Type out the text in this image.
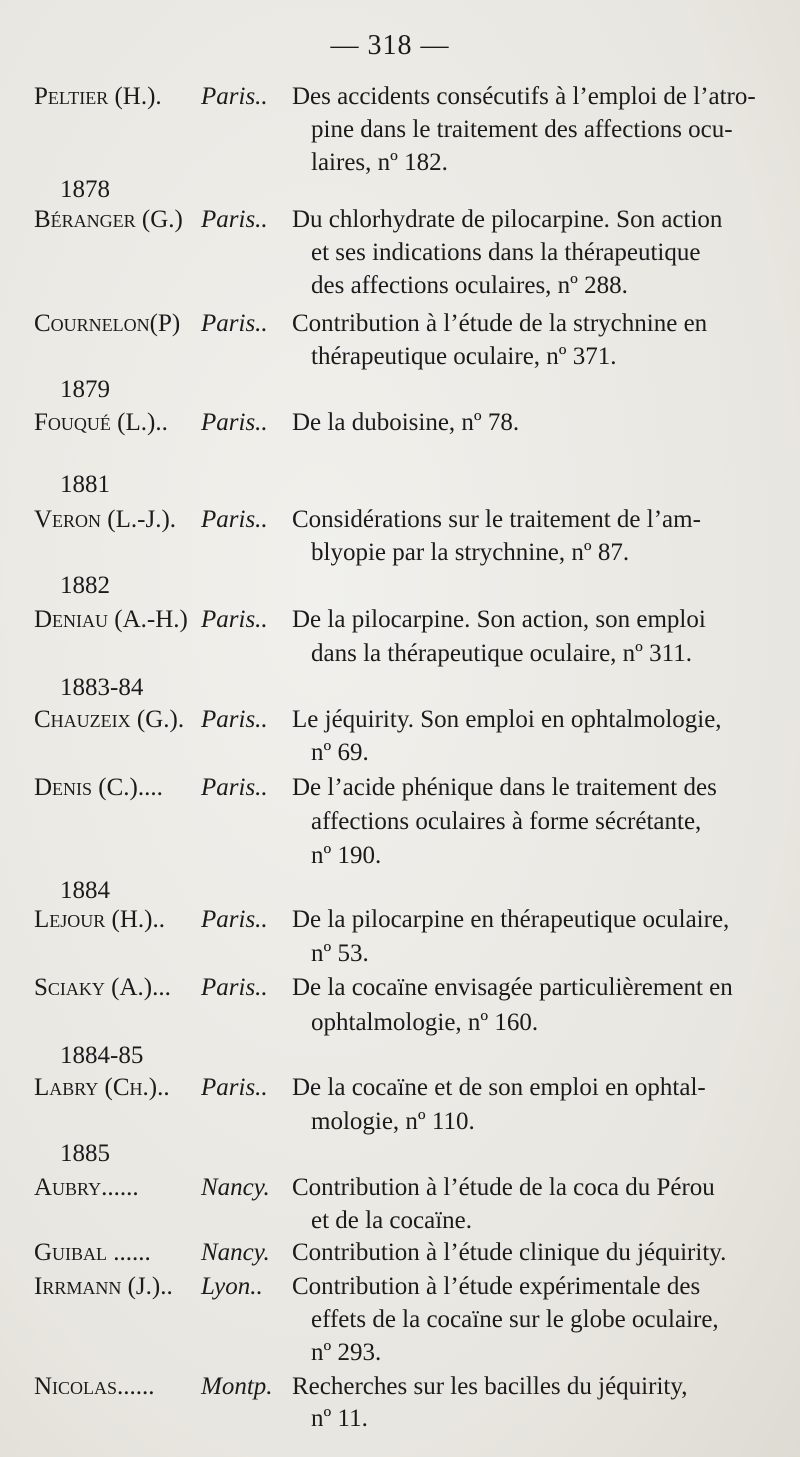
— 318 —
Peltier (H.). Paris.. Des accidents consécutifs à l’emploi de l’atro-
pine dans le traitement des affections ocu-
laires, nº 182.
1878
Béranger (G.) Paris.. Du chlorhydrate de pilocarpine. Son action
et ses indications dans la thérapeutique
des affections oculaires, nº 288.
Cournelon(P) Paris.. Contribution à l’étude de la strychnine en
thérapeutique oculaire, nº 371.
1879
Fouqué (L.).. Paris.. De la duboisine, nº 78.
1881
Veron (L.-J.). Paris.. Considérations sur le traitement de l’am-
blyopie par la strychnine, nº 87.
1882
Deniau (A.-H.) Paris.. De la pilocarpine. Son action, son emploi
dans la thérapeutique oculaire, nº 311.
1883-84
Chauzeix (G.). Paris.. Le jéquirity. Son emploi en ophtalmologie,
nº 69.
Denis (C.).... Paris.. De l’acide phénique dans le traitement des
affections oculaires à forme sécrétante,
nº 190.
1884
Lejour (H.).. Paris.. De la pilocarpine en thérapeutique oculaire,
nº 53.
Sciaky (A.)... Paris.. De la cocaïne envisagée particulièrement en
ophtalmologie, nº 160.
1884-85
Labry (Ch.).. Paris.. De la cocaïne et de son emploi en ophtal-
mologie, nº 110.
1885
Aubry...... Nancy. Contribution à l’étude de la coca du Pérou
et de la cocaïne.
Guibal ...... Nancy. Contribution à l’étude clinique du jéquirity.
Irrmann (J.).. Lyon.. Contribution à l’étude expérimentale des
effets de la cocaïne sur le globe oculaire,
nº 293.
Nicolas...... Montp. Recherches sur les bacilles du jéquirity,
nº 11.
